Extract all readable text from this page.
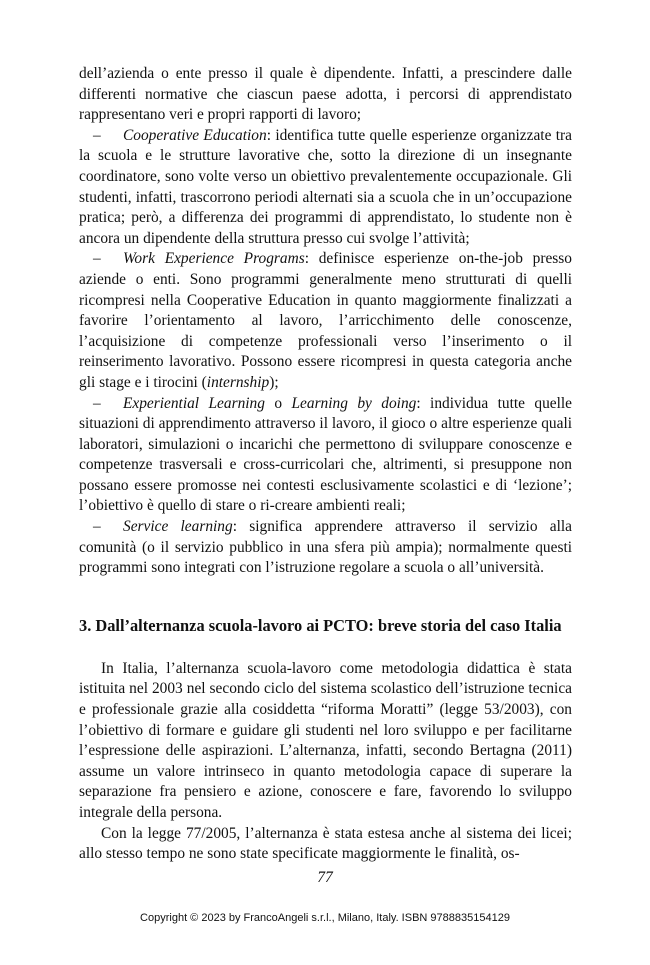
dell’azienda o ente presso il quale è dipendente. Infatti, a prescindere dalle differenti normative che ciascun paese adotta, i percorsi di apprendistato rappresentano veri e propri rapporti di lavoro;

– Cooperative Education: identifica tutte quelle esperienze organizzate tra la scuola e le strutture lavorative che, sotto la direzione di un insegnante coordinatore, sono volte verso un obiettivo prevalentemente occupazionale. Gli studenti, infatti, trascorrono periodi alternati sia a scuola che in un’occupazione pratica; però, a differenza dei programmi di apprendistato, lo studente non è ancora un dipendente della struttura presso cui svolge l’attività;

– Work Experience Programs: definisce esperienze on-the-job presso aziende o enti. Sono programmi generalmente meno strutturati di quelli ricompresi nella Cooperative Education in quanto maggiormente finalizzati a favorire l’orientamento al lavoro, l’arricchimento delle conoscenze, l’acquisizione di competenze professionali verso l’inserimento o il reinserimento lavorativo. Possono essere ricompresi in questa categoria anche gli stage e i tirocini (internship);

– Experiential Learning o Learning by doing: individua tutte quelle situazioni di apprendimento attraverso il lavoro, il gioco o altre esperienze quali laboratori, simulazioni o incarichi che permettono di sviluppare conoscenze e competenze trasversali e cross-curricolari che, altrimenti, si presuppone non possano essere promosse nei contesti esclusivamente scolastici e di ‘lezione’; l’obiettivo è quello di stare o ri-creare ambienti reali;

– Service learning: significa apprendere attraverso il servizio alla comunità (o il servizio pubblico in una sfera più ampia); normalmente questi programmi sono integrati con l’istruzione regolare a scuola o all’università.

3. Dall’alternanza scuola-lavoro ai PCTO: breve storia del caso Italia

In Italia, l’alternanza scuola-lavoro come metodologia didattica è stata istituita nel 2003 nel secondo ciclo del sistema scolastico dell’istruzione tecnica e professionale grazie alla cosiddetta “riforma Moratti” (legge 53/2003), con l’obiettivo di formare e guidare gli studenti nel loro sviluppo e per facilitarne l’espressione delle aspirazioni. L’alternanza, infatti, secondo Bertagna (2011) assume un valore intrinseco in quanto metodologia capace di superare la separazione fra pensiero e azione, conoscere e fare, favorendo lo sviluppo integrale della persona.

Con la legge 77/2005, l’alternanza è stata estesa anche al sistema dei licei; allo stesso tempo ne sono state specificate maggiormente le finalità, os-

77
Copyright © 2023 by FrancoAngeli s.r.l., Milano, Italy. ISBN 9788835154129
